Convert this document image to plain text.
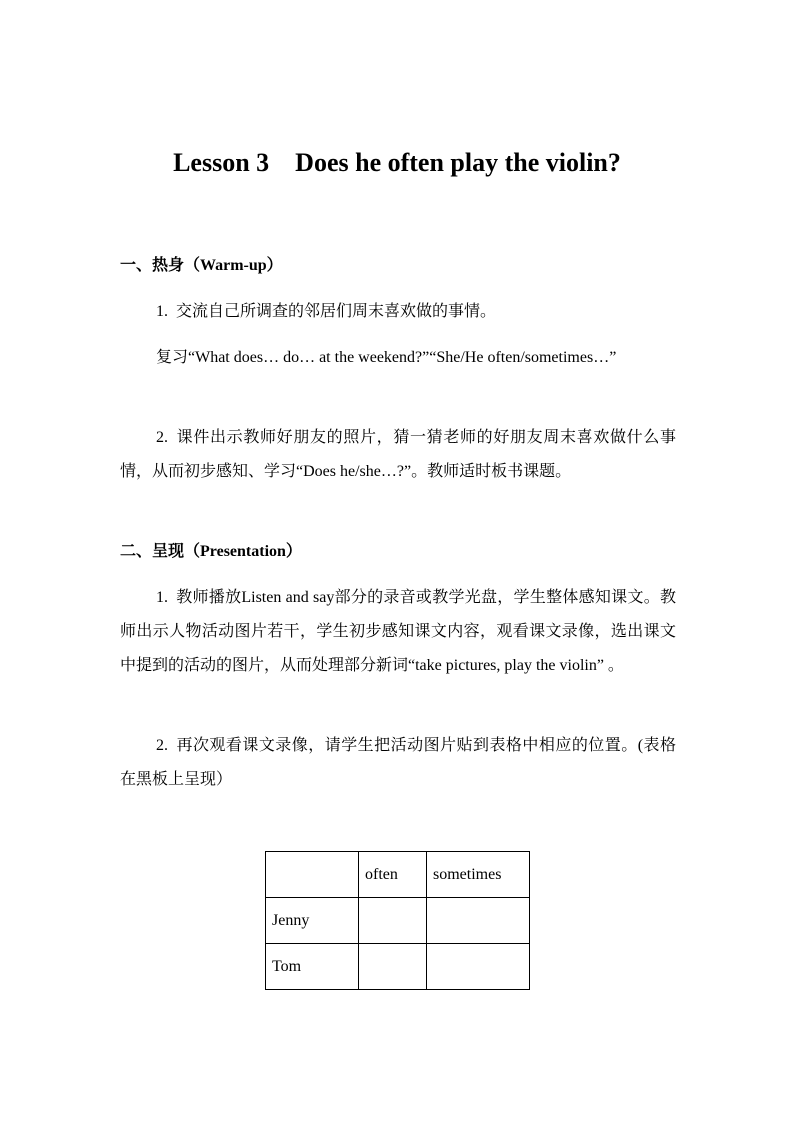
Lesson 3    Does he often play the violin?
一、热身（Warm-up）
1. 交流自己所调查的邻居们周末喜欢做的事情。
复习“What does… do… at the weekend?”“She/He often/sometimes…”
2. 课件出示教师好朋友的照片，猜一猜老师的好朋友周末喜欢做什么事情，从而初步感知、学习“Does he/she…?”。教师适时板书课题。
二、呈现（Presentation）
1. 教师播放Listen and say部分的录音或教学光盘，学生整体感知课文。教师出示人物活动图片若干，学生初步感知课文内容，观看课文录像，选出课文中提到的活动的图片，从而处理部分新词“take pictures, play the violin” 。
2. 再次观看课文录像，请学生把活动图片贴到表格中相应的位置。(表格在黑板上呈现）
	often	sometimes
Jenny		
Tom		
